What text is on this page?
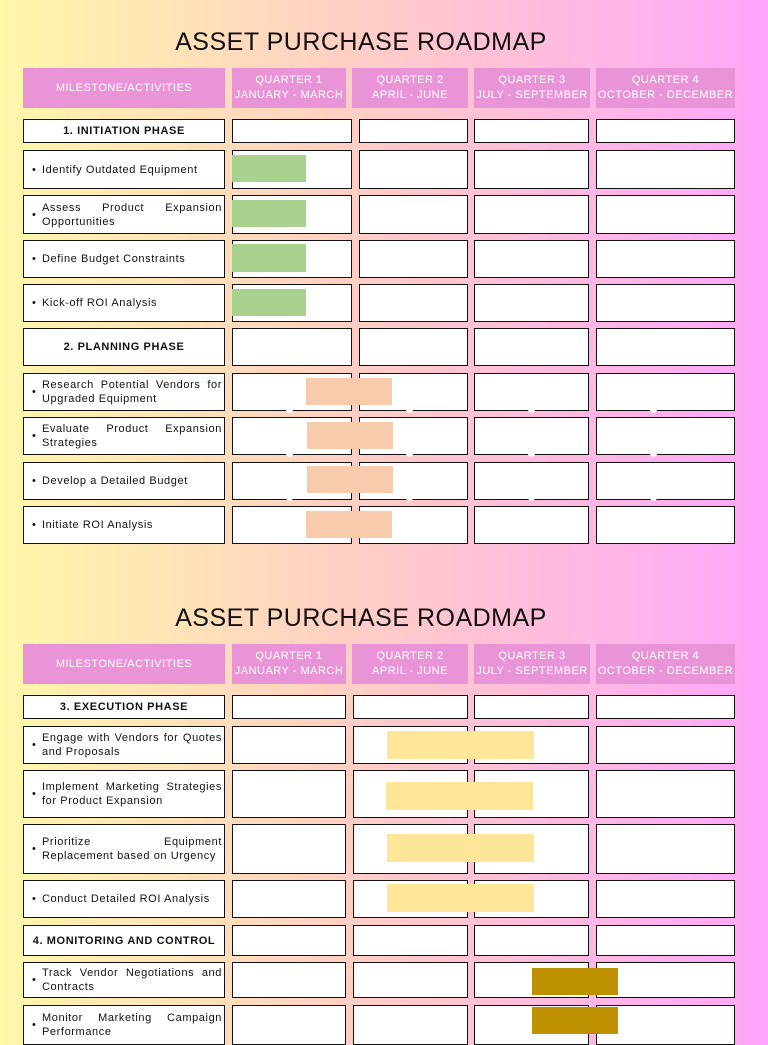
ASSET PURCHASE ROADMAP
ASSET PURCHASE ROADMAP
MILESTONE/ACTIVITIES
QUARTER 1
JANUARY - MARCH
QUARTER 2
APRIL - JUNE
QUARTER 3
JULY - SEPTEMBER
QUARTER 4
OCTOBER - DECEMBER
MILESTONE/ACTIVITIES
QUARTER 1
JANUARY - MARCH
QUARTER 2
APRIL - JUNE
QUARTER 3
JULY - SEPTEMBER
QUARTER 4
OCTOBER - DECEMBER
1. INITIATION PHASE
• Identify Outdated Equipment
•
Assess Product Expansion Opportunities
• Define Budget Constraints
• Kick-off ROI Analysis
2. PLANNING PHASE
•
Research Potential Vendors for Upgraded Equipment
•
Evaluate Product Expansion Strategies
• Develop a Detailed Budget
• Initiate ROI Analysis
3. EXECUTION PHASE
•
Engage with Vendors for Quotes and Proposals
•
Implement Marketing Strategies for Product Expansion
•
Prioritize Equipment Replacement based on Urgency
• Conduct Detailed ROI Analysis
4. MONITORING AND CONTROL
•
Track Vendor Negotiations and Contracts
•
Monitor Marketing Campaign Performance
